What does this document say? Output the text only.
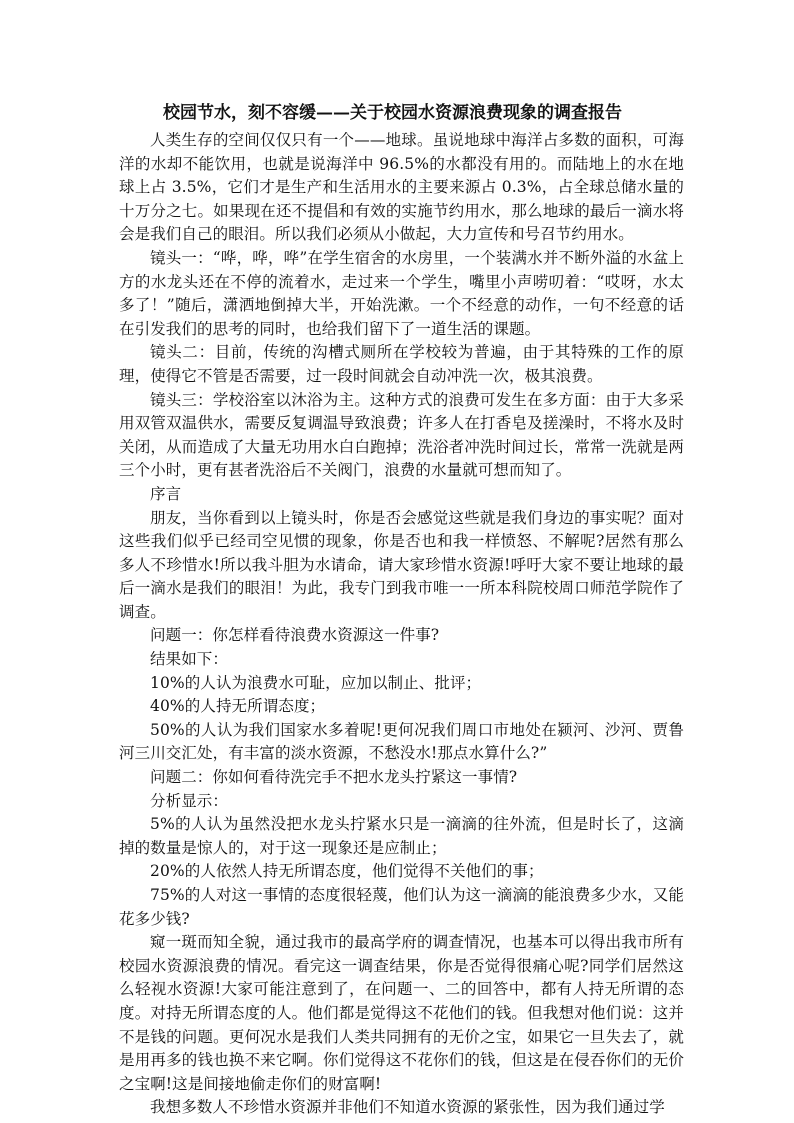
校园节水，刻不容缓——关于校园水资源浪费现象的调查报告

人类生存的空间仅仅只有一个——地球。虽说地球中海洋占多数的面积，可海洋的水却不能饮用，也就是说海洋中 96.5%的水都没有用的。而陆地上的水在地球上占 3.5%，它们才是生产和生活用水的主要来源占 0.3%，占全球总储水量的十万分之七。如果现在还不提倡和有效的实施节约用水，那么地球的最后一滴水将会是我们自己的眼泪。所以我们必须从小做起，大力宣传和号召节约用水。

镜头一：“哗，哗，哗”在学生宿舍的水房里，一个装满水并不断外溢的水盆上方的水龙头还在不停的流着水，走过来一个学生，嘴里小声唠叨着：“哎呀，水太多了！”随后，潇洒地倒掉大半，开始洗漱。一个不经意的动作，一句不经意的话在引发我们的思考的同时，也给我们留下了一道生活的课题。

镜头二：目前，传统的沟槽式厕所在学校较为普遍，由于其特殊的工作的原理，使得它不管是否需要，过一段时间就会自动冲洗一次，极其浪费。

镜头三：学校浴室以沐浴为主。这种方式的浪费可发生在多方面：由于大多采用双管双温供水，需要反复调温导致浪费；许多人在打香皂及搓澡时，不将水及时关闭，从而造成了大量无功用水白白跑掉；洗浴者冲洗时间过长，常常一洗就是两三个小时，更有甚者洗浴后不关阀门，浪费的水量就可想而知了。

序言

朋友，当你看到以上镜头时，你是否会感觉这些就是我们身边的事实呢？面对这些我们似乎已经司空见惯的现象，你是否也和我一样愤怒、不解呢?居然有那么多人不珍惜水!所以我斗胆为水请命，请大家珍惜水资源!呼吁大家不要让地球的最后一滴水是我们的眼泪！为此，我专门到我市唯一一所本科院校周口师范学院作了调查。

问题一：你怎样看待浪费水资源这一件事?

结果如下：

10%的人认为浪费水可耻，应加以制止、批评；

40%的人持无所谓态度；

50%的人认为我们国家水多着呢!更何况我们周口市地处在颍河、沙河、贾鲁河三川交汇处，有丰富的淡水资源，不愁没水!那点水算什么?”

问题二：你如何看待洗完手不把水龙头拧紧这一事情?

分析显示：

5%的人认为虽然没把水龙头拧紧水只是一滴滴的往外流，但是时长了，这滴掉的数量是惊人的，对于这一现象还是应制止；

20%的人依然人持无所谓态度，他们觉得不关他们的事；

75%的人对这一事情的态度很轻蔑，他们认为这一滴滴的能浪费多少水，又能花多少钱?

窥一斑而知全貌，通过我市的最高学府的调查情况，也基本可以得出我市所有校园水资源浪费的情况。看完这一调查结果，你是否觉得很痛心呢?同学们居然这么轻视水资源!大家可能注意到了，在问题一、二的回答中，都有人持无所谓的态度。对持无所谓态度的人。他们都是觉得这不花他们的钱。但我想对他们说：这并不是钱的问题。更何况水是我们人类共同拥有的无价之宝，如果它一旦失去了，就是用再多的钱也换不来它啊。你们觉得这不花你们的钱，但这是在侵吞你们的无价之宝啊!这是间接地偷走你们的财富啊!

我想多数人不珍惜水资源并非他们不知道水资源的紧张性，因为我们通过学
